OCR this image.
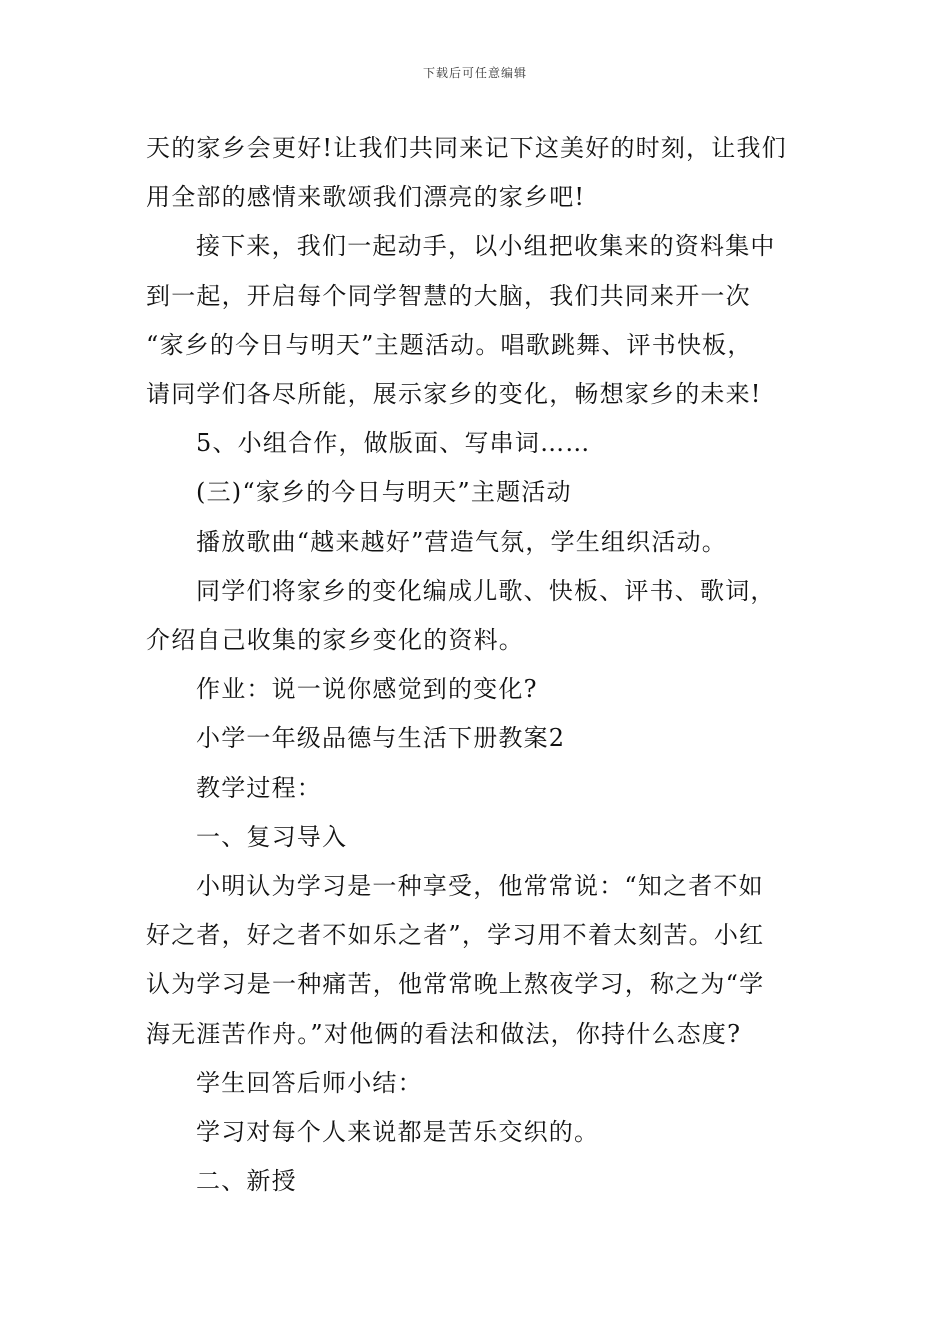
下载后可任意编辑

天的家乡会更好!让我们共同来记下这美好的时刻，让我们

用全部的感情来歌颂我们漂亮的家乡吧!

接下来，我们一起动手，以小组把收集来的资料集中

到一起，开启每个同学智慧的大脑，我们共同来开一次

“家乡的今日与明天”主题活动。唱歌跳舞、评书快板，

请同学们各尽所能，展示家乡的变化，畅想家乡的未来!

5、小组合作，做版面、写串词……

(三)“家乡的今日与明天”主题活动

播放歌曲“越来越好”营造气氛，学生组织活动。

同学们将家乡的变化编成儿歌、快板、评书、歌词，

介绍自己收集的家乡变化的资料。

作业：说一说你感觉到的变化?

小学一年级品德与生活下册教案2

教学过程：

一、复习导入

小明认为学习是一种享受，他常常说：“知之者不如

好之者，好之者不如乐之者”，学习用不着太刻苦。小红

认为学习是一种痛苦，他常常晚上熬夜学习，称之为“学

海无涯苦作舟。”对他俩的看法和做法，你持什么态度?

学生回答后师小结：

学习对每个人来说都是苦乐交织的。

二、新授
